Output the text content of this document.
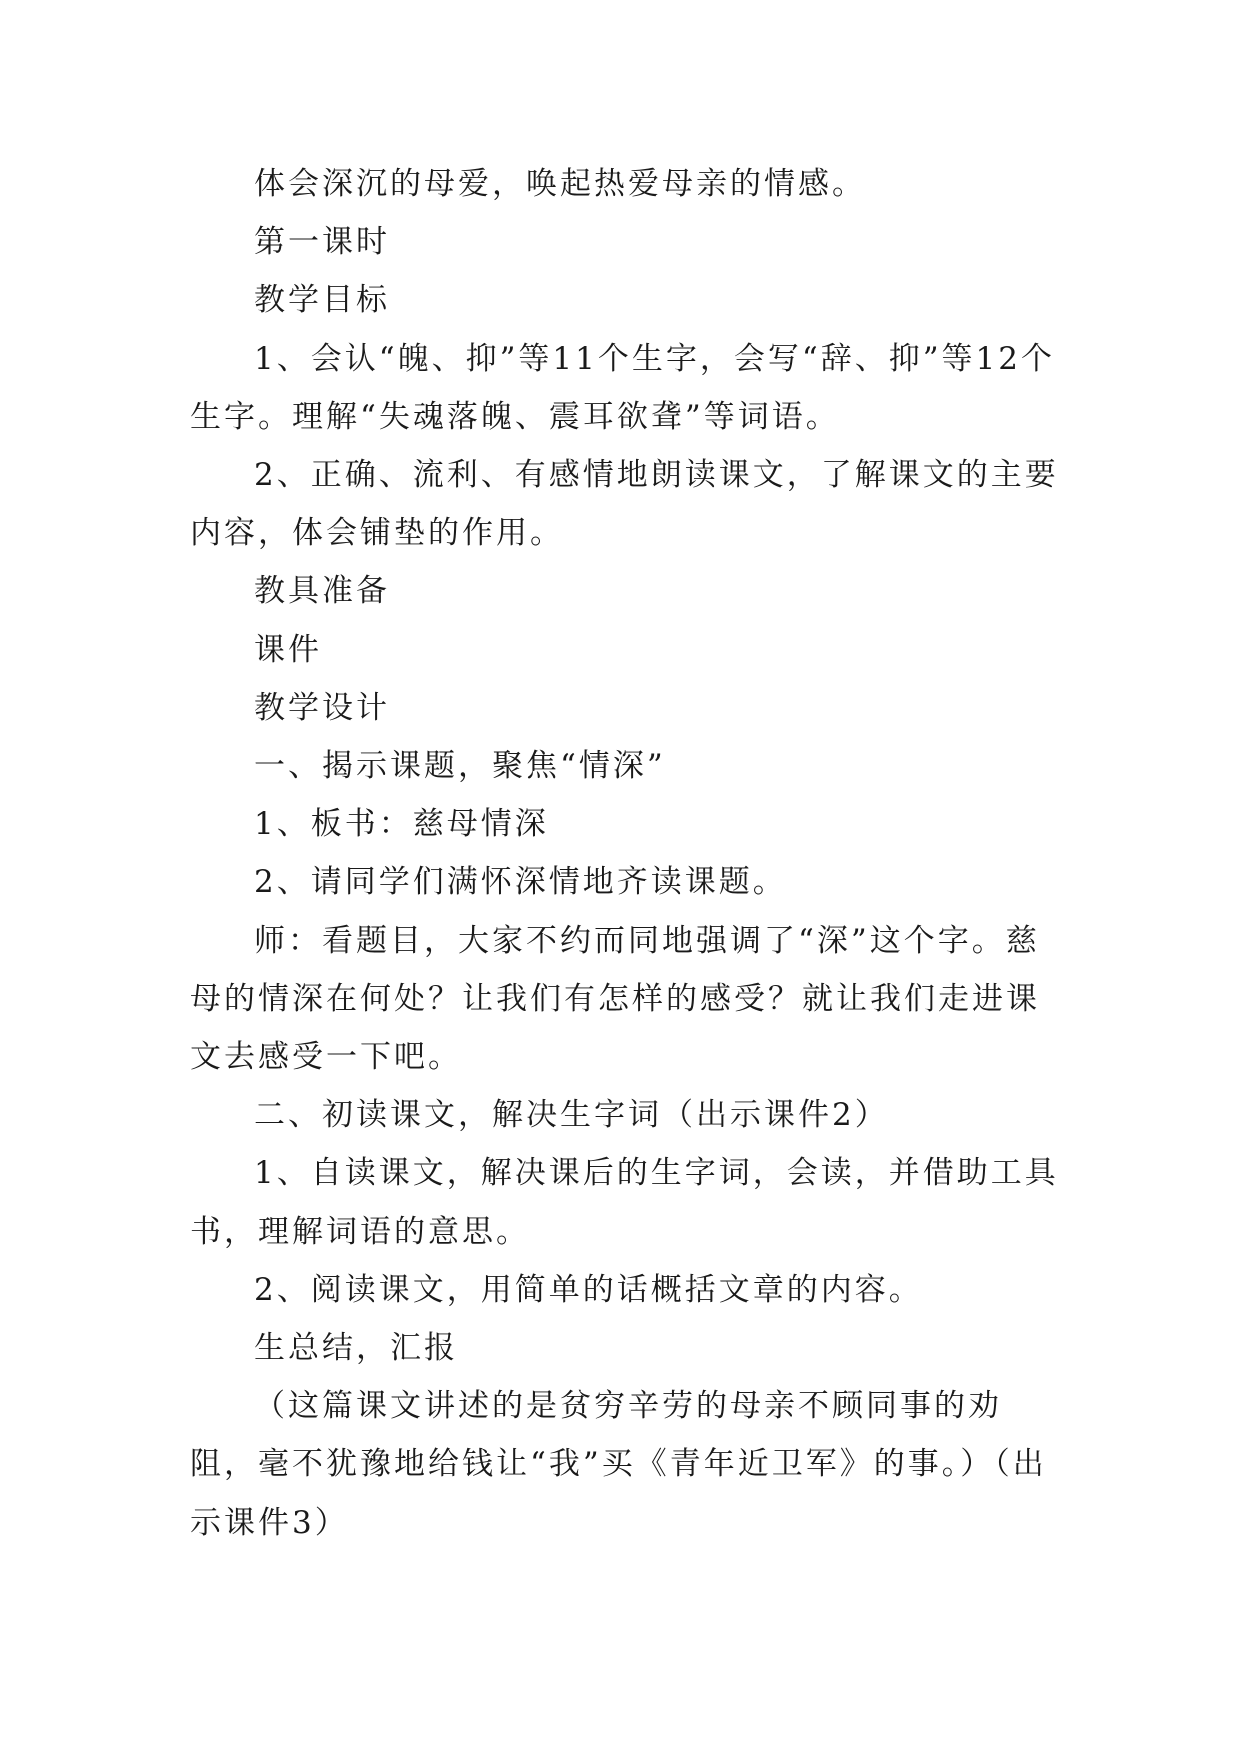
体会深沉的母爱，唤起热爱母亲的情感。

第一课时

教学目标

1、会认“魄、抑”等11个生字，会写“辞、抑”等12个生字。理解“失魂落魄、震耳欲聋”等词语。

2、正确、流利、有感情地朗读课文，了解课文的主要内容，体会铺垫的作用。

教具准备

课件

教学设计

一、揭示课题，聚焦“情深”

1、板书：慈母情深

2、请同学们满怀深情地齐读课题。

师：看题目，大家不约而同地强调了“深”这个字。慈母的情深在何处？让我们有怎样的感受？就让我们走进课文去感受一下吧。

二、初读课文，解决生字词（出示课件2）

1、自读课文，解决课后的生字词，会读，并借助工具书，理解词语的意思。

2、阅读课文，用简单的话概括文章的内容。

生总结，汇报

（这篇课文讲述的是贫穷辛劳的母亲不顾同事的劝阻，毫不犹豫地给钱让“我”买《青年近卫军》的事。）（出示课件3）
